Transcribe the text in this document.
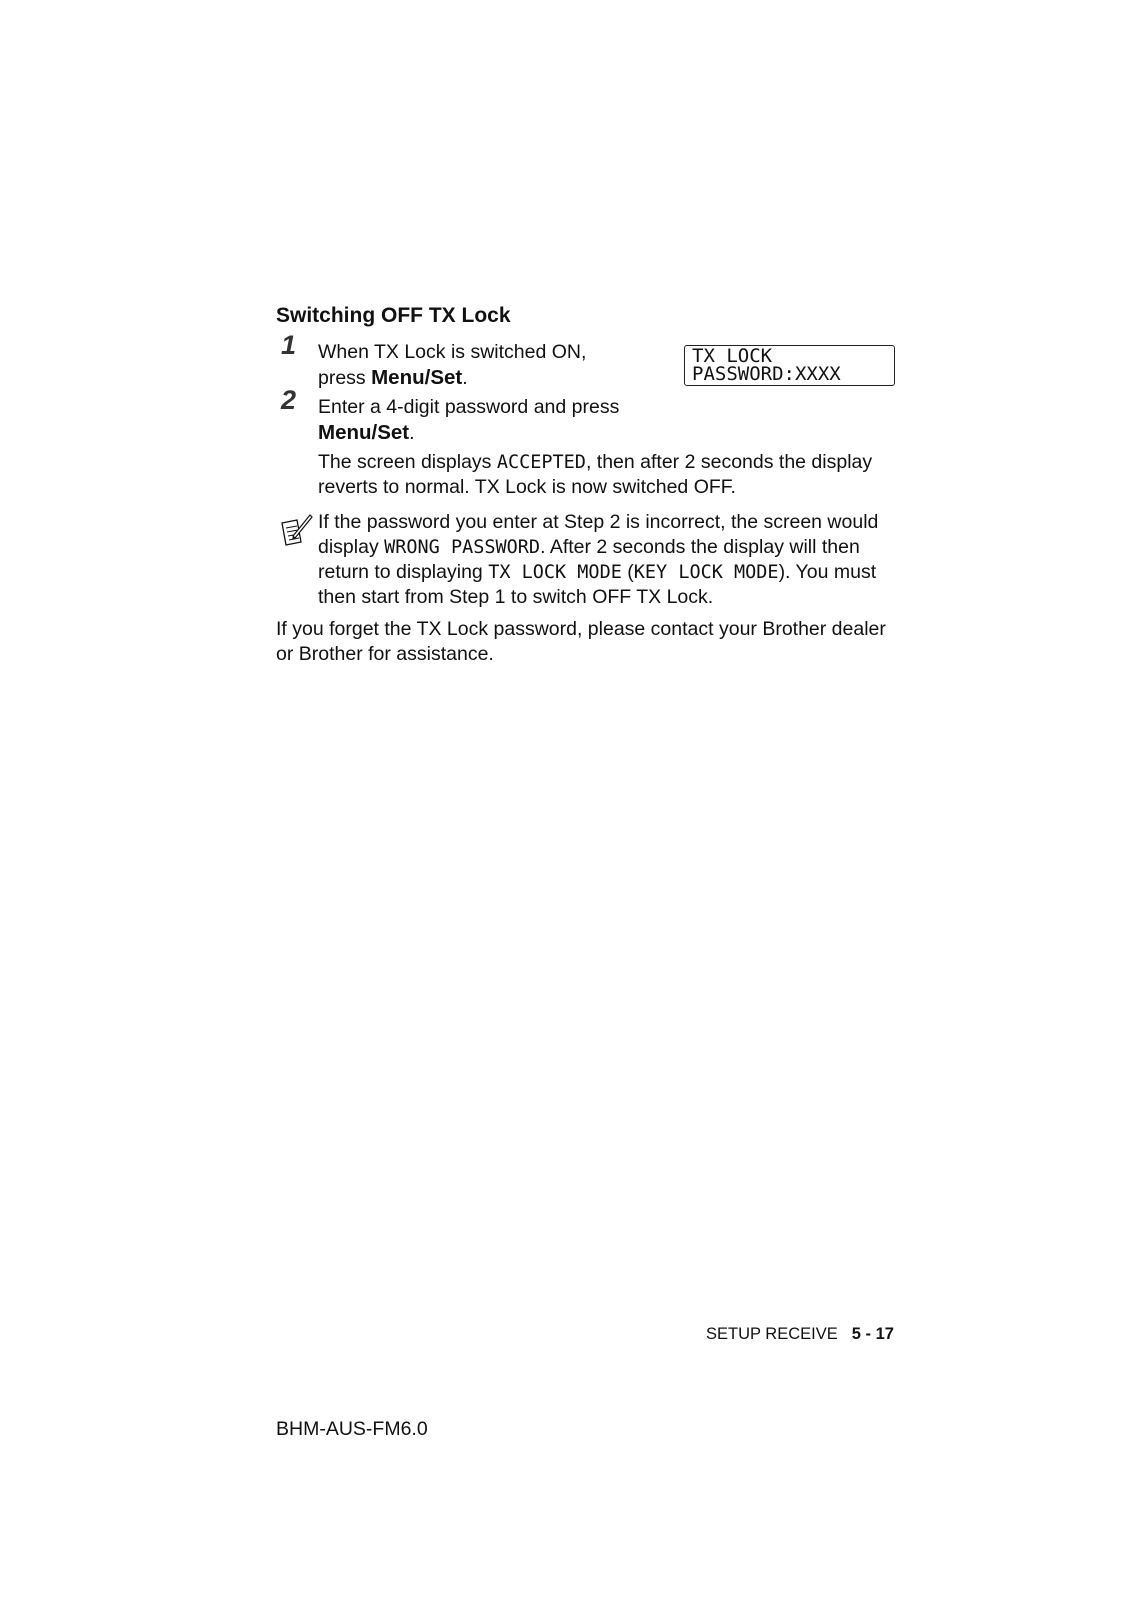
Switching OFF TX Lock
1 When TX Lock is switched ON,
press Menu/Set.
TX LOCK
PASSWORD:XXXX
2 Enter a 4-digit password and press
Menu/Set.
The screen displays ACCEPTED, then after 2 seconds the display reverts to normal. TX Lock is now switched OFF.
If the password you enter at Step 2 is incorrect, the screen would display WRONG PASSWORD. After 2 seconds the display will then return to displaying TX LOCK MODE (KEY LOCK MODE). You must then start from Step 1 to switch OFF TX Lock.
If you forget the TX Lock password, please contact your Brother dealer or Brother for assistance.
SETUP RECEIVE 5 - 17
BHM-AUS-FM6.0
